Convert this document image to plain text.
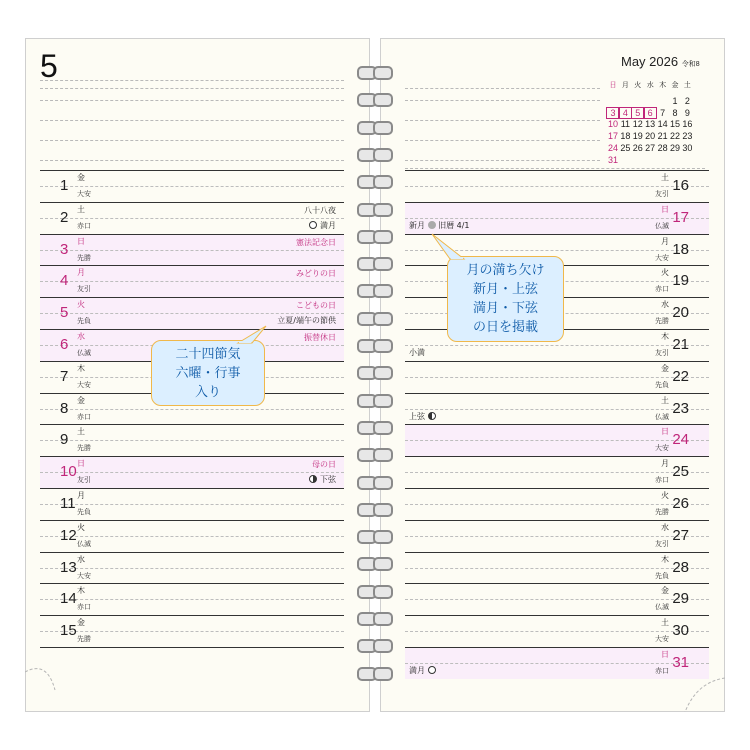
5	May 2026 令和8
日 月 火 水 木 金 土
1 2
3 4 5 6 7 8 9
10 11 12 13 14 15 16
17 18 19 20 21 22 23
24 25 26 27 28 29 30
31
1 金
大安
2 土
赤口
八十八夜
満月
3 日
先勝
憲法記念日
4 月
友引
みどりの日
5 火
先負
こどもの日
立夏/端午の節供
6 水
仏滅
振替休日
7 木
大安
8 金
赤口
9 土
先勝
10 日
友引
母の日
下弦
11 月
先負
12 火
仏滅
13 水
大安
14 木
赤口
15 金
先勝
16
土
友引
17
日
仏滅
新月 旧暦 4/1
18
月
大安
19
火
赤口
20
水
先勝
21
木
友引
小満
22
金
先負
23
土
仏滅
上弦
24
日
大安
25
月
赤口
26
火
先勝
27
水
友引
28
木
先負
29
金
仏滅
30
土
大安
31
日
赤口
満月
二十四節気
六曜・行事
入り
月の満ち欠け
新月・上弦
満月・下弦
の日を掲載
